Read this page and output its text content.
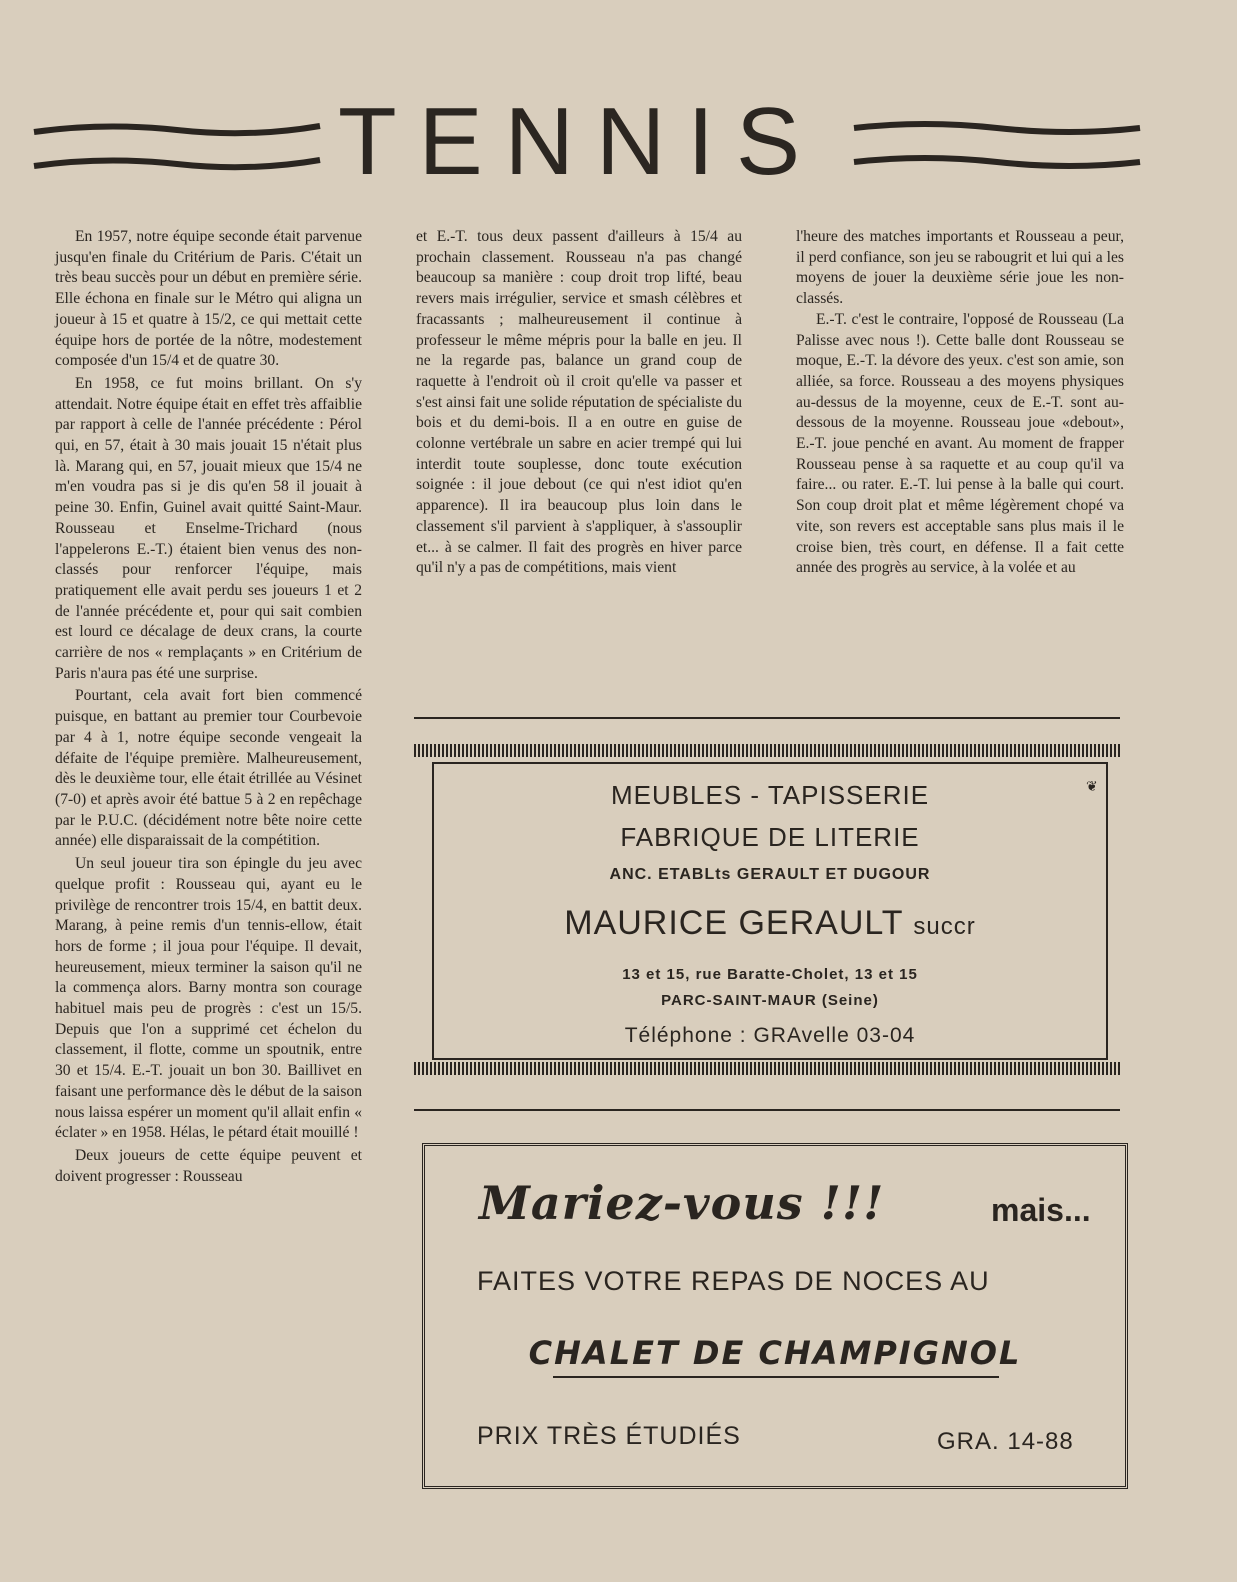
TENNIS

En 1957, notre équipe seconde était parvenue jusqu'en finale du Critérium de Paris. C'était un très beau succès pour un début en première série. Elle échona en finale sur le Métro qui aligna un joueur à 15 et quatre à 15/2, ce qui mettait cette équipe hors de portée de la nôtre, modestement composée d'un 15/4 et de quatre 30.

En 1958, ce fut moins brillant. On s'y attendait. Notre équipe était en effet très affaiblie par rapport à celle de l'année précédente : Pérol qui, en 57, était à 30 mais jouait 15 n'était plus là. Marang qui, en 57, jouait mieux que 15/4 ne m'en voudra pas si je dis qu'en 58 il jouait à peine 30. Enfin, Guinel avait quitté Saint-Maur. Rousseau et Enselme-Trichard (nous l'appelerons E.-T.) étaient bien venus des non-classés pour renforcer l'équipe, mais pratiquement elle avait perdu ses joueurs 1 et 2 de l'année précédente et, pour qui sait combien est lourd ce décalage de deux crans, la courte carrière de nos « remplaçants » en Critérium de Paris n'aura pas été une surprise.

Pourtant, cela avait fort bien commencé puisque, en battant au premier tour Courbevoie par 4 à 1, notre équipe seconde vengeait la défaite de l'équipe première. Malheureusement, dès le deuxième tour, elle était étrillée au Vésinet (7-0) et après avoir été battue 5 à 2 en repêchage par le P.U.C. (décidément notre bête noire cette année) elle disparaissait de la compétition.

Un seul joueur tira son épingle du jeu avec quelque profit : Rousseau qui, ayant eu le privilège de rencontrer trois 15/4, en battit deux. Marang, à peine remis d'un tennis-ellow, était hors de forme ; il joua pour l'équipe. Il devait, heureusement, mieux terminer la saison qu'il ne la commença alors. Barny montra son courage habituel mais peu de progrès : c'est un 15/5. Depuis que l'on a supprimé cet échelon du classement, il flotte, comme un spoutnik, entre 30 et 15/4. E.-T. jouait un bon 30. Baillivet en faisant une performance dès le début de la saison nous laissa espérer un moment qu'il allait enfin « éclater » en 1958. Hélas, le pétard était mouillé !

Deux joueurs de cette équipe peuvent et doivent progresser : Rousseau

et E.-T. tous deux passent d'ailleurs à 15/4 au prochain classement. Rousseau n'a pas changé beaucoup sa manière : coup droit trop lifté, beau revers mais irrégulier, service et smash célèbres et fracassants ; malheureusement il continue à professeur le même mépris pour la balle en jeu. Il ne la regarde pas, balance un grand coup de raquette à l'endroit où il croit qu'elle va passer et s'est ainsi fait une solide réputation de spécialiste du bois et du demi-bois. Il a en outre en guise de colonne vertébrale un sabre en acier trempé qui lui interdit toute souplesse, donc toute exécution soignée : il joue debout (ce qui n'est idiot qu'en apparence). Il ira beaucoup plus loin dans le classement s'il parvient à s'appliquer, à s'assouplir et... à se calmer. Il fait des progrès en hiver parce qu'il n'y a pas de compétitions, mais vient

l'heure des matches importants et Rousseau a peur, il perd confiance, son jeu se rabougrit et lui qui a les moyens de jouer la deuxième série joue les non-classés.

E.-T. c'est le contraire, l'opposé de Rousseau (La Palisse avec nous !). Cette balle dont Rousseau se moque, E.-T. la dévore des yeux. c'est son amie, son alliée, sa force. Rousseau a des moyens physiques au-dessus de la moyenne, ceux de E.-T. sont au-dessous de la moyenne. Rousseau joue «debout», E.-T. joue penché en avant. Au moment de frapper Rousseau pense à sa raquette et au coup qu'il va faire... ou rater. E.-T. lui pense à la balle qui court. Son coup droit plat et même légèrement chopé va vite, son revers est acceptable sans plus mais il le croise bien, très court, en défense. Il a fait cette année des progrès au service, à la volée et au

❦
MEUBLES - TAPISSERIE
FABRIQUE DE LITERIE
ANC. ETABLts GERAULT ET DUGOUR
MAURICE GERAULT succr
13 et 15, rue Baratte-Cholet, 13 et 15
PARC-SAINT-MAUR (Seine)
Téléphone : GRAvelle 03-04
Mariez-vous !!!	mais...
FAITES VOTRE REPAS DE NOCES AU
CHALET DE CHAMPIGNOL
PRIX TRÈS ÉTUDIÉS	GRA. 14-88
